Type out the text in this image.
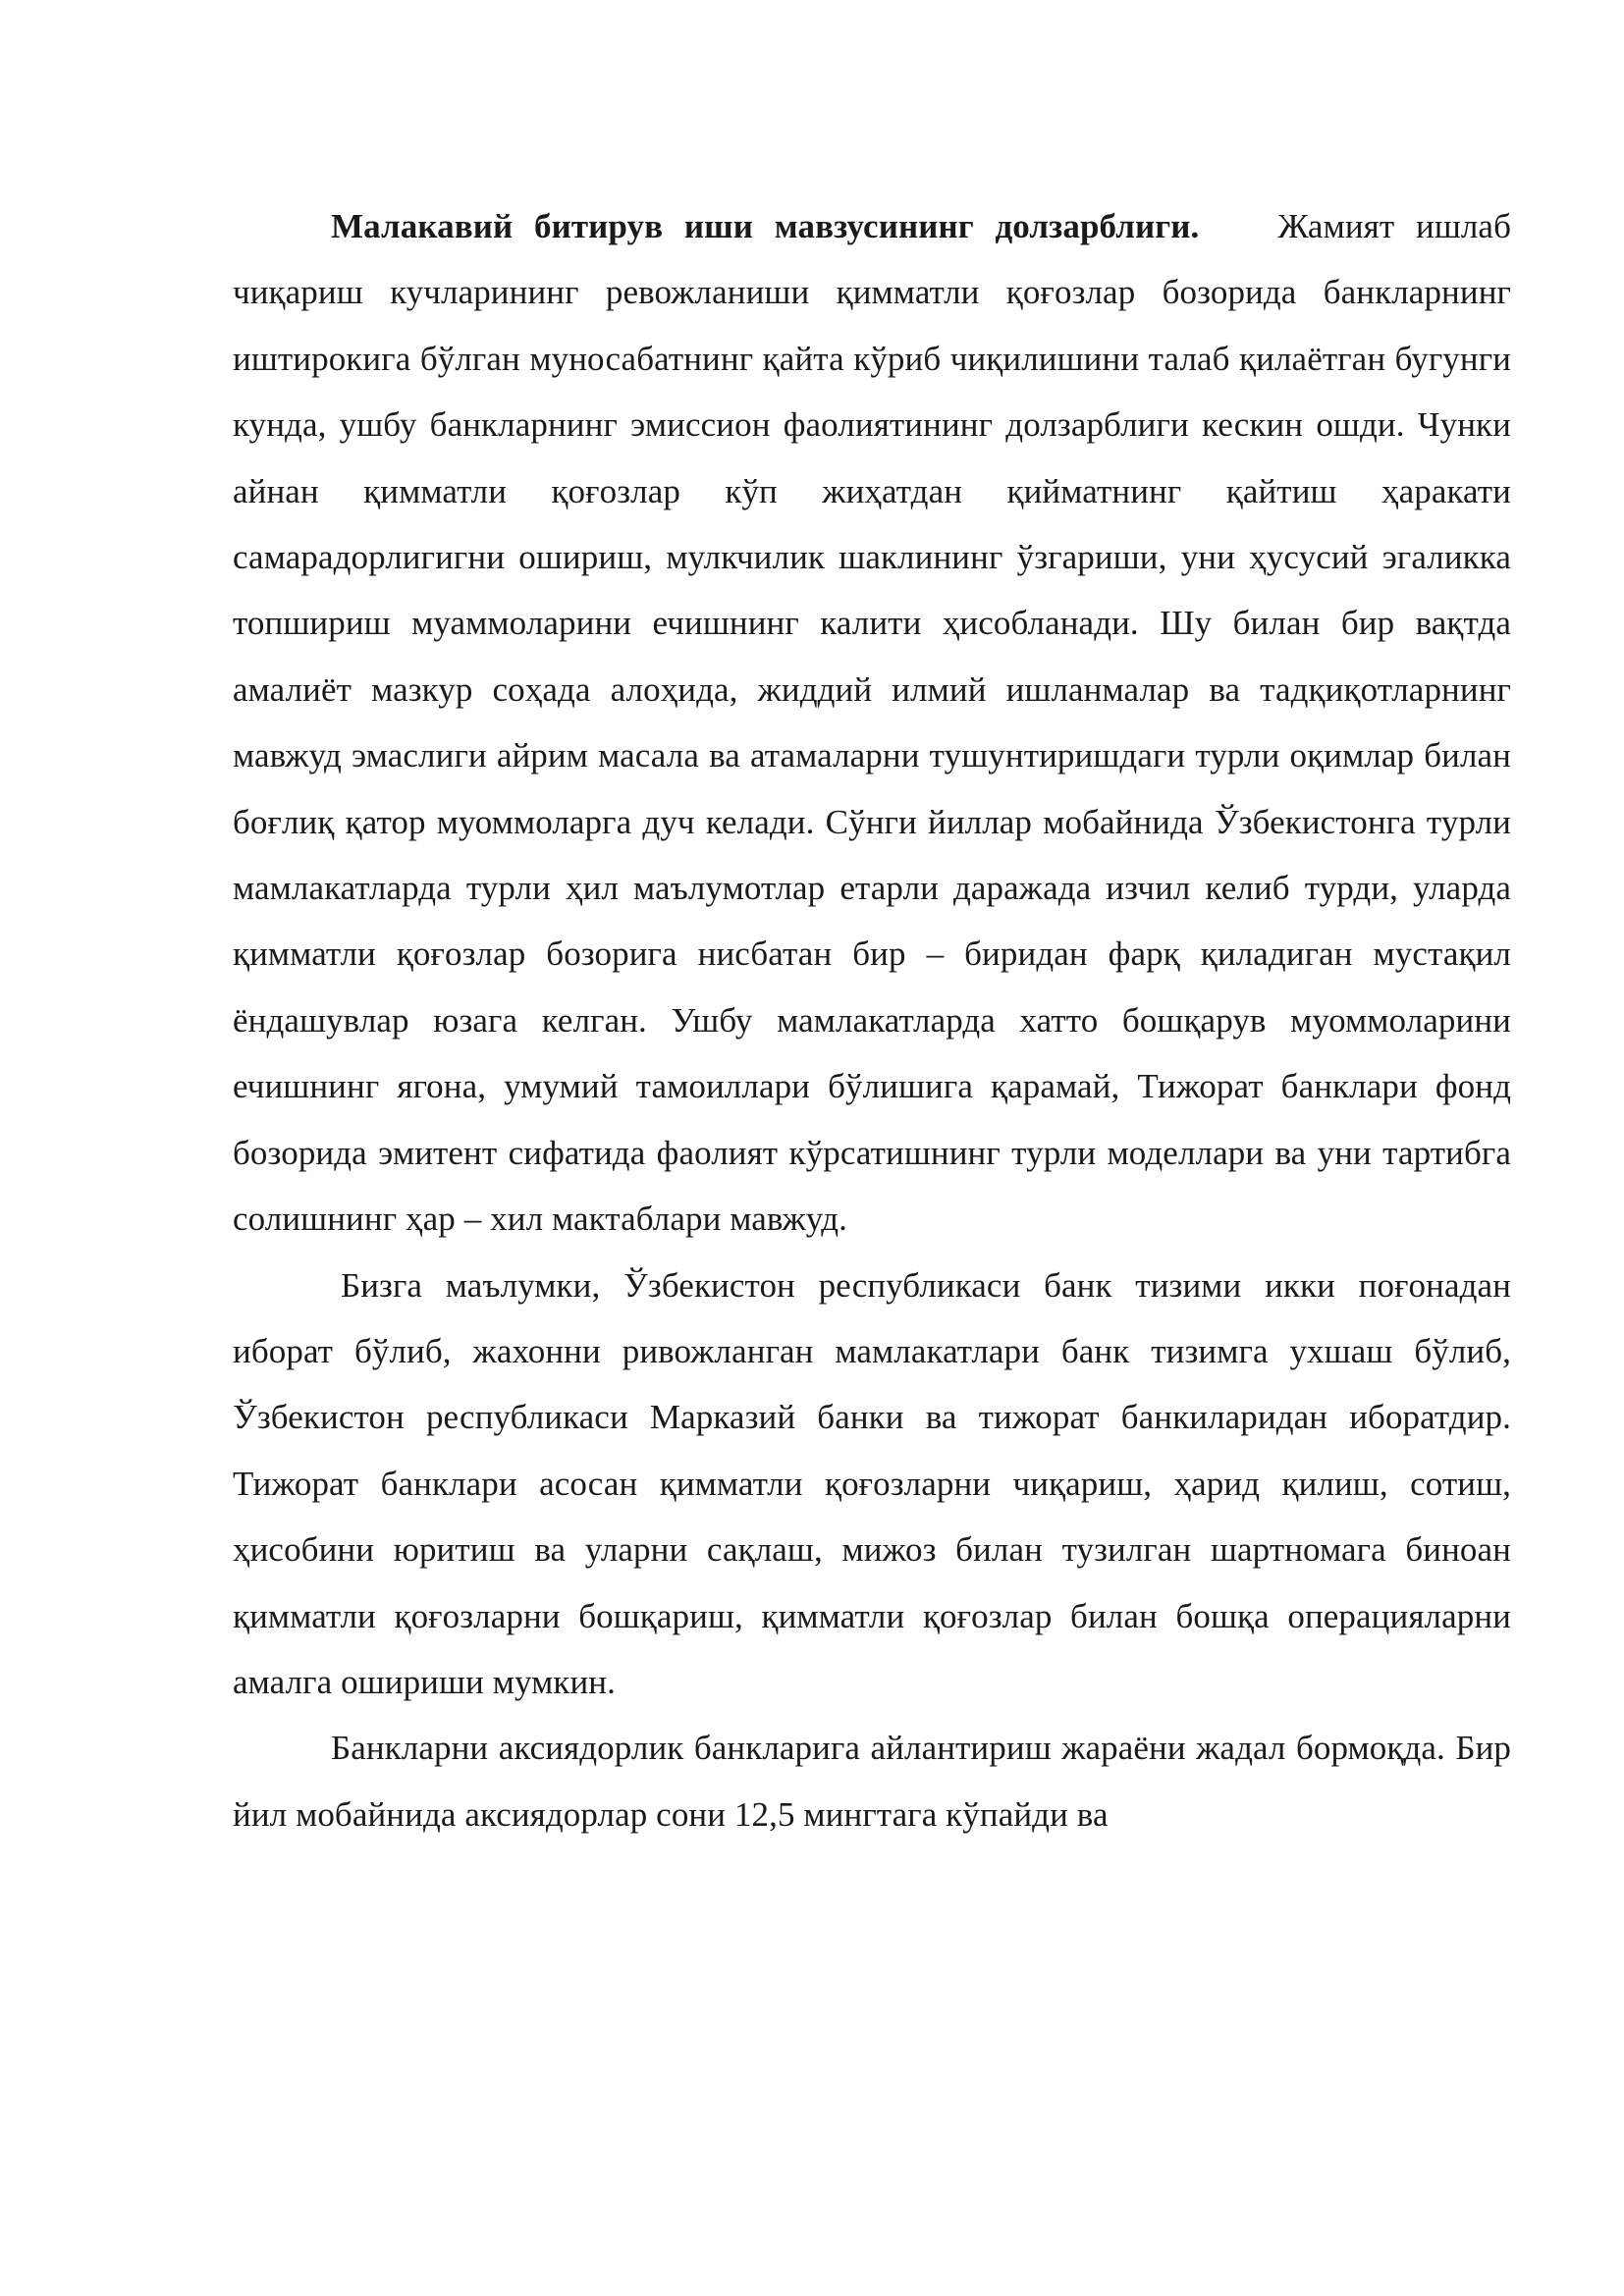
Малакавий битирув иши мавзусининг долзарблиги. Жамият ишлаб чиқариш кучларининг ревожланиши қимматли қоғозлар бозорида банкларнинг иштирокига бўлган муносабатнинг қайта кўриб чиқилишини талаб қилаётган бугунги кунда, ушбу банкларнинг эмиссион фаолиятининг долзарблиги кескин ошди. Чунки айнан қимматли қоғозлар кўп жиҳатдан қийматнинг қайтиш ҳаракати самарадорлигигни ошириш, мулкчилик шаклининг ўзгариши, уни ҳусусий эгаликка топшириш муаммоларини ечишнинг калити ҳисобланади. Шу билан бир вақтда амалиёт мазкур соҳада алоҳида, жиддий илмий ишланмалар ва тадқиқотларнинг мавжуд эмаслиги айрим масала ва атамаларни тушунтиришдаги турли оқимлар билан боғлиқ қатор муоммоларга дуч келади. Сўнги йиллар мобайнида Ўзбекистонга турли мамлакатларда турли ҳил маълумотлар етарли даражада изчил келиб турди, уларда қимматли қоғозлар бозорига нисбатан бир – биридан фарқ қиладиган мустақил ёндашувлар юзага келган. Ушбу мамлакатларда хатто бошқарув муоммоларини ечишнинг ягона, умумий тамоиллари бўлишига қарамай, Тижорат банклари фонд бозорида эмитент сифатида фаолият кўрсатишнинг турли моделлари ва уни тартибга солишнинг ҳар – хил мактаблари мавжуд.

Бизга маълумки, Ўзбекистон республикаси банк тизими икки поғонадан иборат бўлиб, жахонни ривожланган мамлакатлари банк тизимга ухшаш бўлиб, Ўзбекистон республикаси Марказий банки ва тижорат банкиларидан иборатдир. Тижорат банклари асосан қимматли қоғозларни чиқариш, ҳарид қилиш, сотиш, ҳисобини юритиш ва уларни сақлаш, мижоз билан тузилган шартномага биноан қимматли қоғозларни бошқариш, қимматли қоғозлар билан бошқа операцияларни амалга ошириши мумкин.

Банкларни аксиядорлик банкларига айлантириш жараёни жадал бормоқда. Бир йил мобайнида аксиядорлар сони 12,5 мингтага кўпайди ва
